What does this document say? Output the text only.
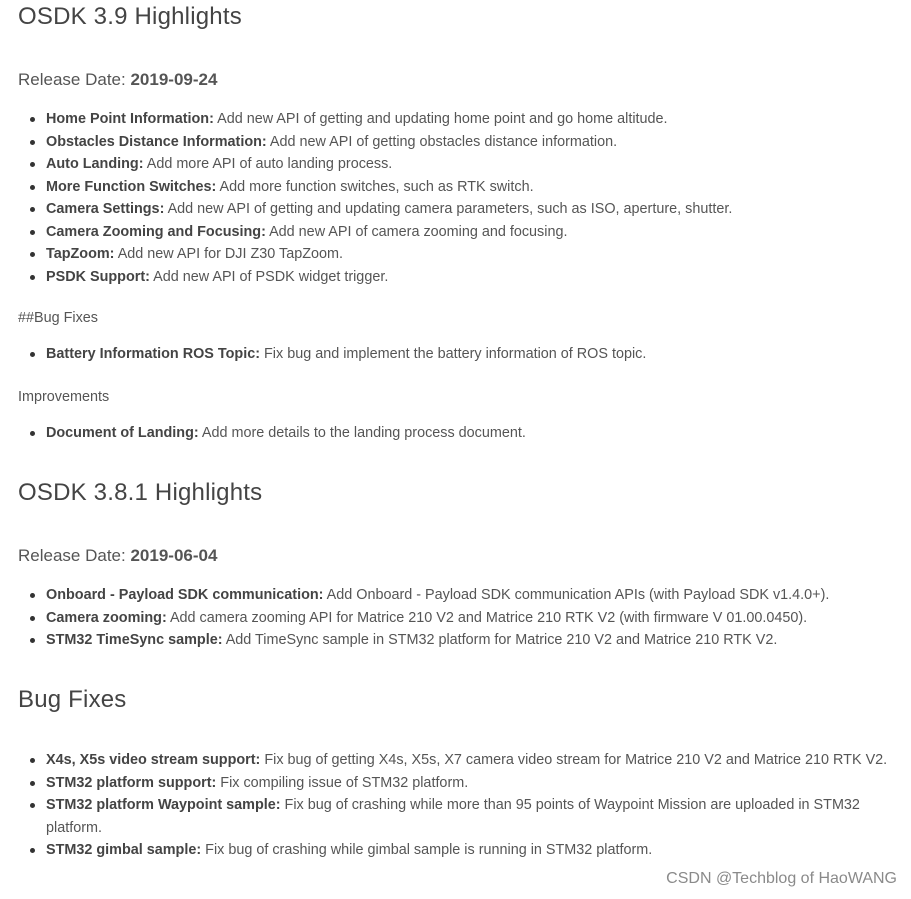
OSDK 3.9 Highlights

Release Date: 2019-09-24

Home Point Information: Add new API of getting and updating home point and go home altitude.
Obstacles Distance Information: Add new API of getting obstacles distance information.
Auto Landing: Add more API of auto landing process.
More Function Switches: Add more function switches, such as RTK switch.
Camera Settings: Add new API of getting and updating camera parameters, such as ISO, aperture, shutter.
Camera Zooming and Focusing: Add new API of camera zooming and focusing.
TapZoom: Add new API for DJI Z30 TapZoom.
PSDK Support: Add new API of PSDK widget trigger.

##Bug Fixes

Battery Information ROS Topic: Fix bug and implement the battery information of ROS topic.

Improvements

Document of Landing: Add more details to the landing process document.
OSDK 3.8.1 Highlights

Release Date: 2019-06-04

Onboard - Payload SDK communication: Add Onboard - Payload SDK communication APIs (with Payload SDK v1.4.0+).
Camera zooming: Add camera zooming API for Matrice 210 V2 and Matrice 210 RTK V2 (with firmware V 01.00.0450).
STM32 TimeSync sample: Add TimeSync sample in STM32 platform for Matrice 210 V2 and Matrice 210 RTK V2.
Bug Fixes
X4s, X5s video stream support: Fix bug of getting X4s, X5s, X7 camera video stream for Matrice 210 V2 and Matrice 210 RTK V2.
STM32 platform support: Fix compiling issue of STM32 platform.
STM32 platform Waypoint sample: Fix bug of crashing while more than 95 points of Waypoint Mission are uploaded in STM32 platform.
STM32 gimbal sample: Fix bug of crashing while gimbal sample is running in STM32 platform.
CSDN @Techblog of HaoWANG
